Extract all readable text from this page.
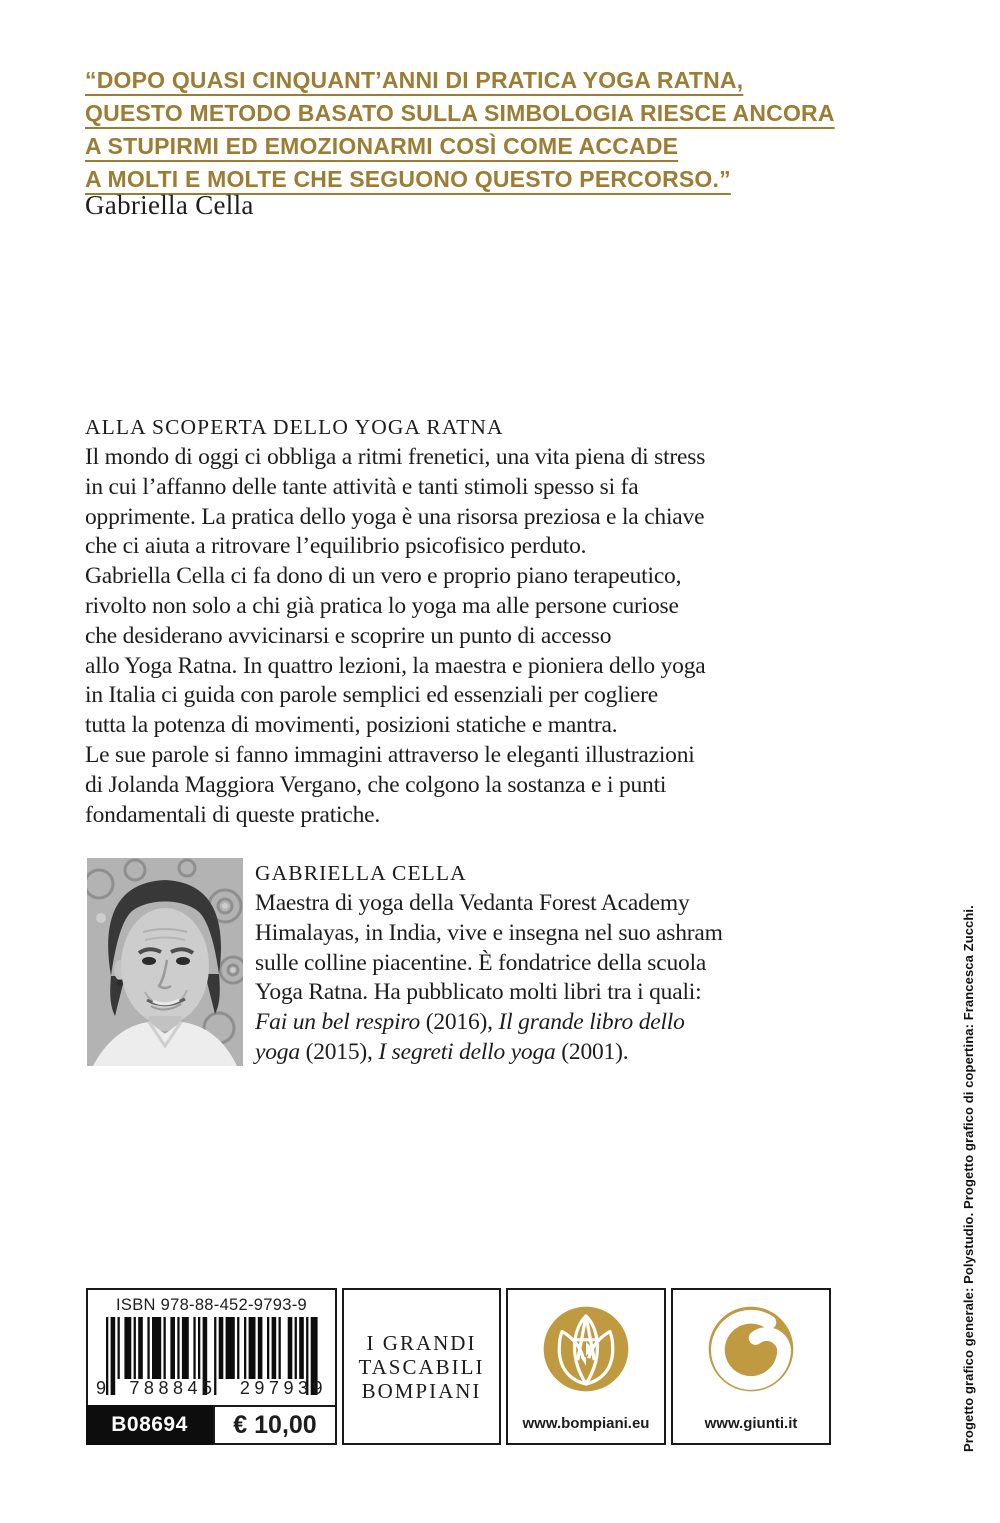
“DOPO QUASI CINQUANT’ANNI DI PRATICA YOGA RATNA,
QUESTO METODO BASATO SULLA SIMBOLOGIA RIESCE ANCORA
A STUPIRMI ED EMOZIONARMI COSÌ COME ACCADE
A MOLTI E MOLTE CHE SEGUONO QUESTO PERCORSO.”
Gabriella Cella
ALLA SCOPERTA DELLO YOGA RATNA
Il mondo di oggi ci obbliga a ritmi frenetici, una vita piena di stress
in cui l’affanno delle tante attività e tanti stimoli spesso si fa
opprimente. La pratica dello yoga è una risorsa preziosa e la chiave
che ci aiuta a ritrovare l’equilibrio psicofisico perduto.
Gabriella Cella ci fa dono di un vero e proprio piano terapeutico,
rivolto non solo a chi già pratica lo yoga ma alle persone curiose
che desiderano avvicinarsi e scoprire un punto di accesso
allo Yoga Ratna. In quattro lezioni, la maestra e pioniera dello yoga
in Italia ci guida con parole semplici ed essenziali per cogliere
tutta la potenza di movimenti, posizioni statiche e mantra.
Le sue parole si fanno immagini attraverso le eleganti illustrazioni
di Jolanda Maggiora Vergano, che colgono la sostanza e i punti
fondamentali di queste pratiche.
GABRIELLA CELLA
Maestra di yoga della Vedanta Forest Academy
Himalayas, in India, vive e insegna nel suo ashram
sulle colline piacentine. È fondatrice della scuola
Yoga Ratna. Ha pubblicato molti libri tra i quali:
Fai un bel respiro (2016), Il grande libro dello
yoga (2015), I segreti dello yoga (2001).
ISBN 978-88-452-9793-9
9 788845 297939
B08694	€ 10,00
I GRANDI
TASCABILI
BOMPIANI
www.bompiani.eu	www.giunti.it	Progetto grafico generale: Polystudio. Progetto grafico di copertina: Francesca Zucchi.
